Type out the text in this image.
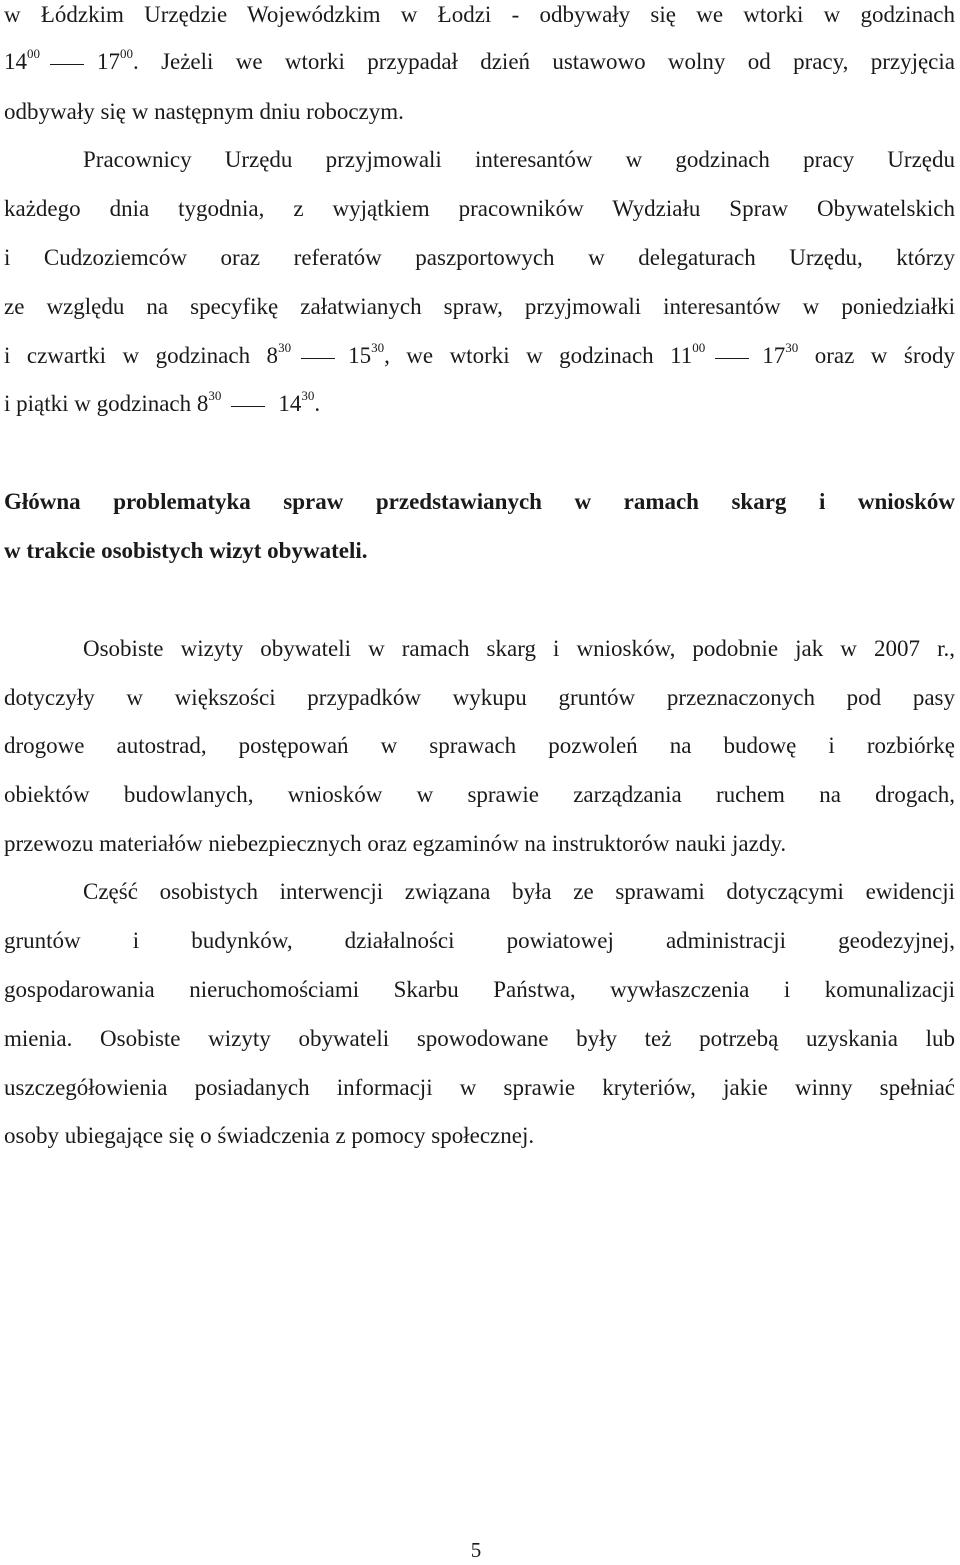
w Łódzkim Urzędzie Wojewódzkim w Łodzi - odbywały się we wtorki w godzinach
$14^{00}$ $17^{00}$. Jeżeli we wtorki przypadał dzień ustawowo wolny od pracy, przyjęcia
odbywały się w następnym dniu roboczym.
Pracownicy Urzędu przyjmowali interesantów w godzinach pracy Urzędu
każdego dnia tygodnia, z wyjątkiem pracowników Wydziału Spraw Obywatelskich
i Cudzoziemców oraz referatów paszportowych w delegaturach Urzędu, którzy
ze względu na specyfikę załatwianych spraw, przyjmowali interesantów w poniedziałki
i czwartki w godzinach $8^{30}$ $15^{30}$, we wtorki w godzinach $11^{00}$ $17^{30}$ oraz w środy
i piątki w godzinach $8^{30}$ $14^{30}$.
Główna problematyka spraw przedstawianych w ramach skarg i wniosków
w trakcie osobistych wizyt obywateli.
Osobiste wizyty obywateli w ramach skarg i wniosków, podobnie jak w 2007 r.,
dotyczyły w większości przypadków wykupu gruntów przeznaczonych pod pasy
drogowe autostrad, postępowań w sprawach pozwoleń na budowę i rozbiórkę
obiektów budowlanych, wniosków w sprawie zarządzania ruchem na drogach,
przewozu materiałów niebezpiecznych oraz egzaminów na instruktorów nauki jazdy.
Część osobistych interwencji związana była ze sprawami dotyczącymi ewidencji
gruntów i budynków, działalności powiatowej administracji geodezyjnej,
gospodarowania nieruchomościami Skarbu Państwa, wywłaszczenia i komunalizacji
mienia. Osobiste wizyty obywateli spowodowane były też potrzebą uzyskania lub
uszczegółowienia posiadanych informacji w sprawie kryteriów, jakie winny spełniać
osoby ubiegające się o świadczenia z pomocy społecznej.
5
